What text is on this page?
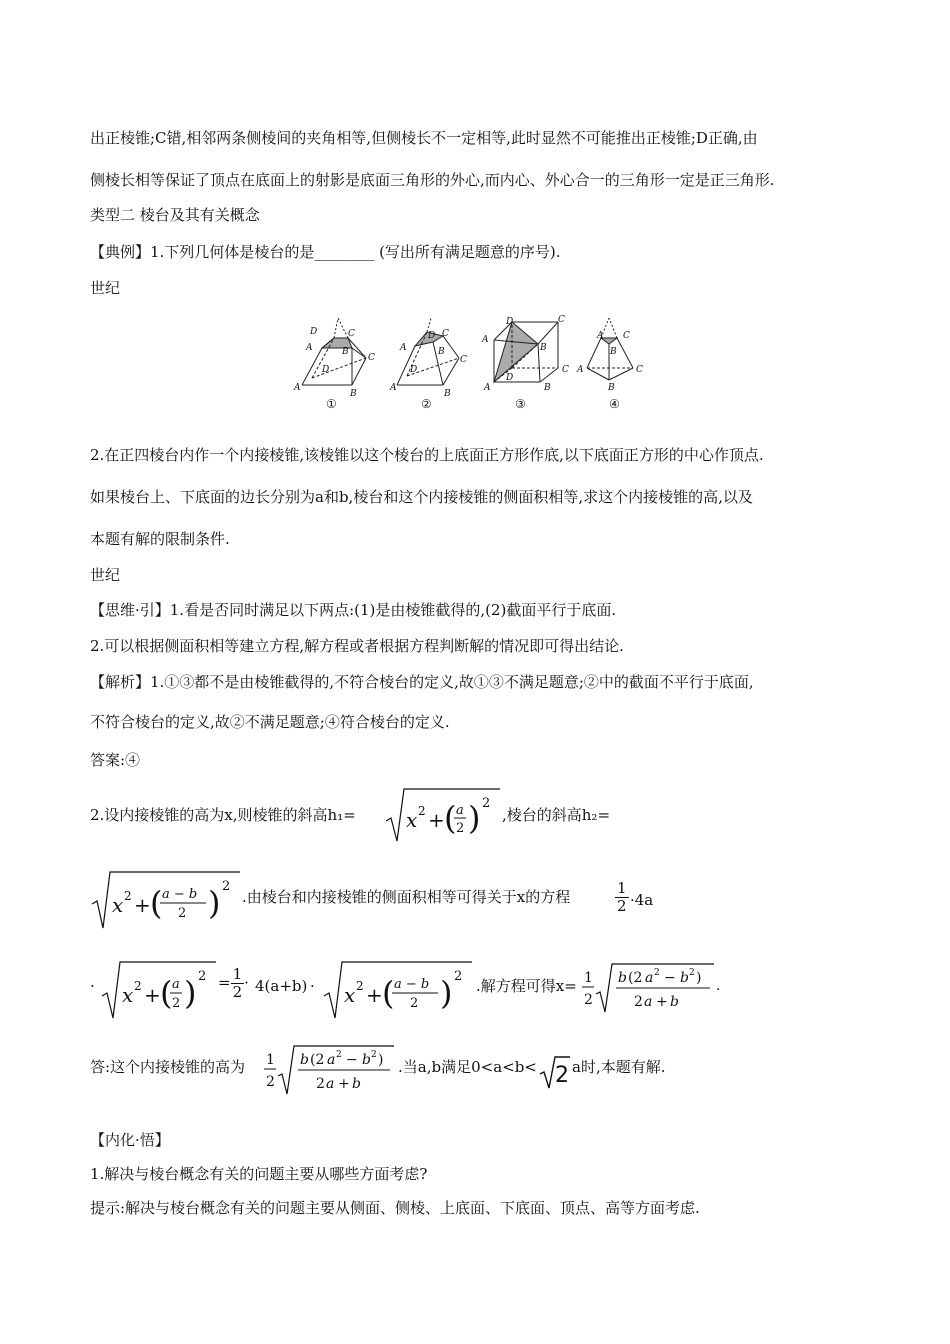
出正棱锥;C错,相邻两条侧棱间的夹角相等,但侧棱长不一定相等,此时显然不可能推出正棱锥;D正确,由
侧棱长相等保证了顶点在底面上的射影是底面三角形的外心,而内心、外心合一的三角形一定是正三角形.
类型二 棱台及其有关概念
【典例】1.下列几何体是棱台的是________ (写出所有满足题意的序号).
世纪
D	C
A	B
C
D
A
B
D C
A	B
C
D
A
B
D	C
A
B
C
D
A	B
A C
B
A	C
B
①	②	③	④
2.在正四棱台内作一个内接棱锥,该棱锥以这个棱台的上底面正方形作底,以下底面正方形的中心作顶点.
如果棱台上、下底面的边长分别为a和b,棱台和这个内接棱锥的侧面积相等,求这个内接棱锥的高,以及
本题有解的限制条件.
世纪
【思维·引】1.看是否同时满足以下两点:(1)是由棱锥截得的,(2)截面平行于底面.
2.可以根据侧面积相等建立方程,解方程或者根据方程判断解的情况即可得出结论.
【解析】1.①③都不是由棱锥截得的,不符合棱台的定义,故①③不满足题意;②中的截面不平行于底面,
不符合棱台的定义,故②不满足题意;④符合棱台的定义.
答案:④
2.设内接棱锥的高为x,则棱锥的斜高h₁=	x 2 + ( a
2 ) 2
,棱台的斜高h₂=
x 2 + ( a − b
2 ) 2
.由棱台和内接棱锥的侧面积相等可得关于x的方程	$\frac{1}{2} \cdot 4a$
· x 2 + ( a
2 ) $2 = \frac{1}{2} \cdot 4(a+b) \cdot x$ 2 + ( a − b
2 ) 2
.解方程可得x= 1
2
b (2 a 2 − b 2 )
2 a + b
.
答:这个内接棱锥的高为 1
2
b (2 a 2 − b 2 )
2 a + b
.当a,b满足0<a<b< 2 a时,本题有解.
【内化·悟】
1.解决与棱台概念有关的问题主要从哪些方面考虑?
提示:解决与棱台概念有关的问题主要从侧面、侧棱、上底面、下底面、顶点、高等方面考虑.
